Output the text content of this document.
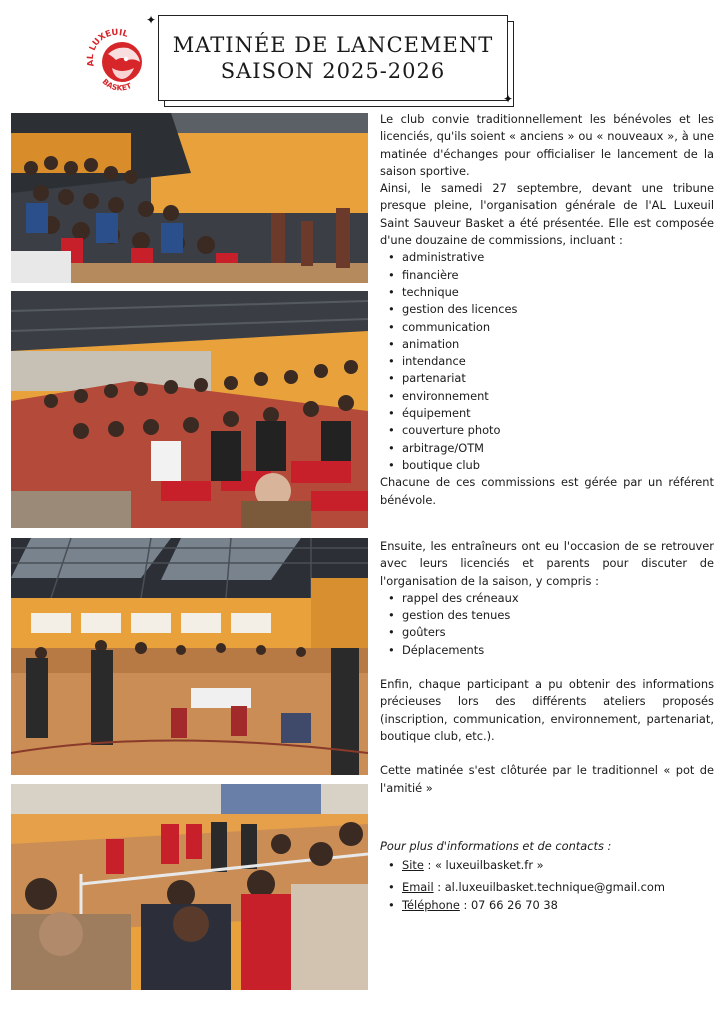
AL LUXEUIL
BASKET
MATINÉE DE LANCEMENT
SAISON 2025-2026
✦
✦

Le club convie traditionnellement les bénévoles et les licenciés, qu'ils soient « anciens » ou « nouveaux », à une matinée d'échanges pour officialiser le lancement de la saison sportive.

Ainsi, le samedi 27 septembre, devant une tribune presque pleine, l'organisation générale de l'AL Luxeuil Saint Sauveur Basket a été présentée. Elle est composée d'une douzaine de commissions, incluant :

• administrative
• financière
• technique
• gestion des licences
• communication
• animation
• intendance
• partenariat
• environnement
• équipement
• couverture photo
• arbitrage/OTM
• boutique club

Chacune de ces commissions est gérée par un référent bénévole.

Ensuite, les entraîneurs ont eu l'occasion de se retrouver avec leurs licenciés et parents pour discuter de l'organisation de la saison, y compris :

• rappel des créneaux
• gestion des tenues
• goûters
• Déplacements

Enfin, chaque participant a pu obtenir des informations précieuses lors des différents ateliers proposés (inscription, communication, environnement, partenariat, boutique club, etc.).

Cette matinée s'est clôturée par le traditionnel « pot de l'amitié »

Pour plus d'informations et de contacts :

• Site : « luxeuilbasket.fr »
• Email : al.luxeuilbasket.technique@gmail.com
• Téléphone : 07 66 26 70 38
